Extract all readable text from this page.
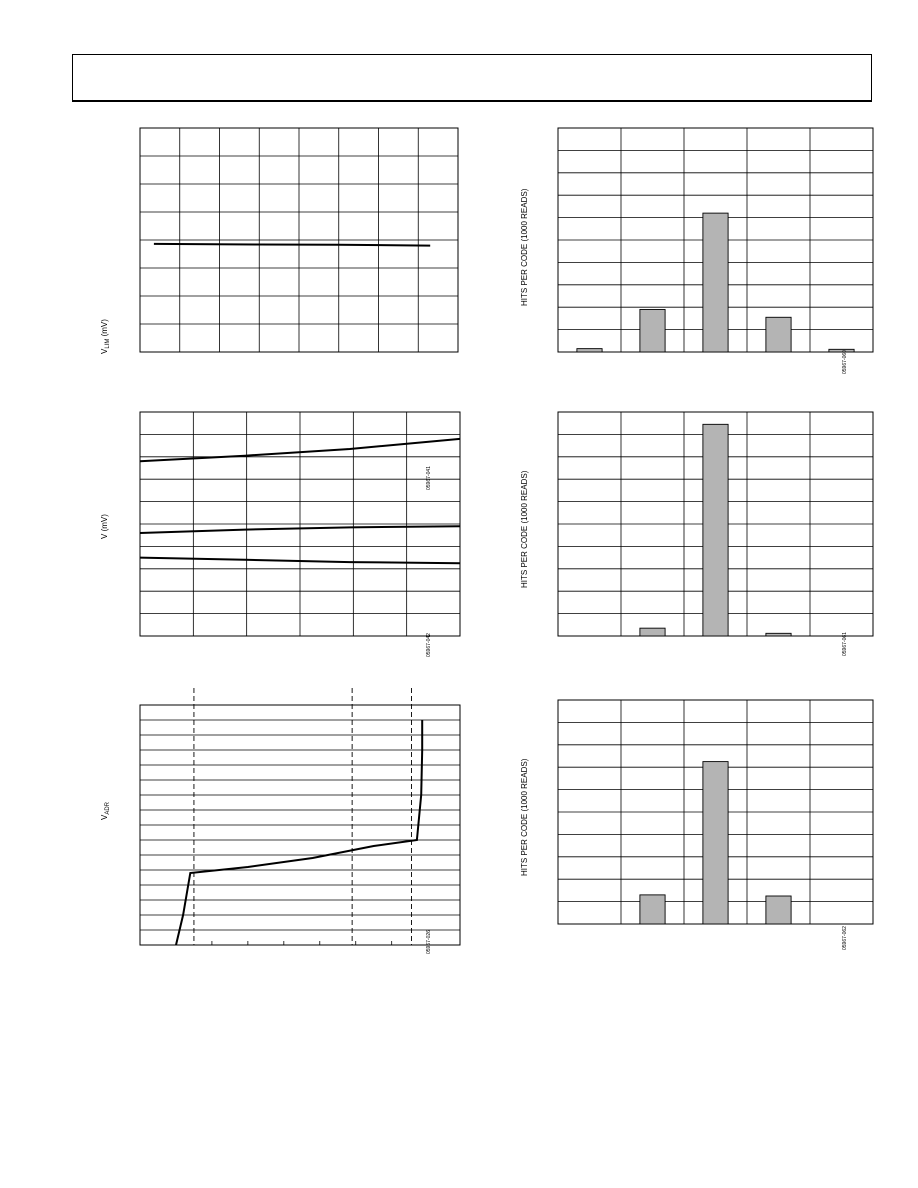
$V_{LIM}$ (mV)
05967-041
V (mV)
05967-042
$V_{ADR}$
05967-026
HITS PER CODE (1000 READS)
05967-060
HITS PER CODE (1000 READS)
05967-061
HITS PER CODE (1000 READS)
05967-062
